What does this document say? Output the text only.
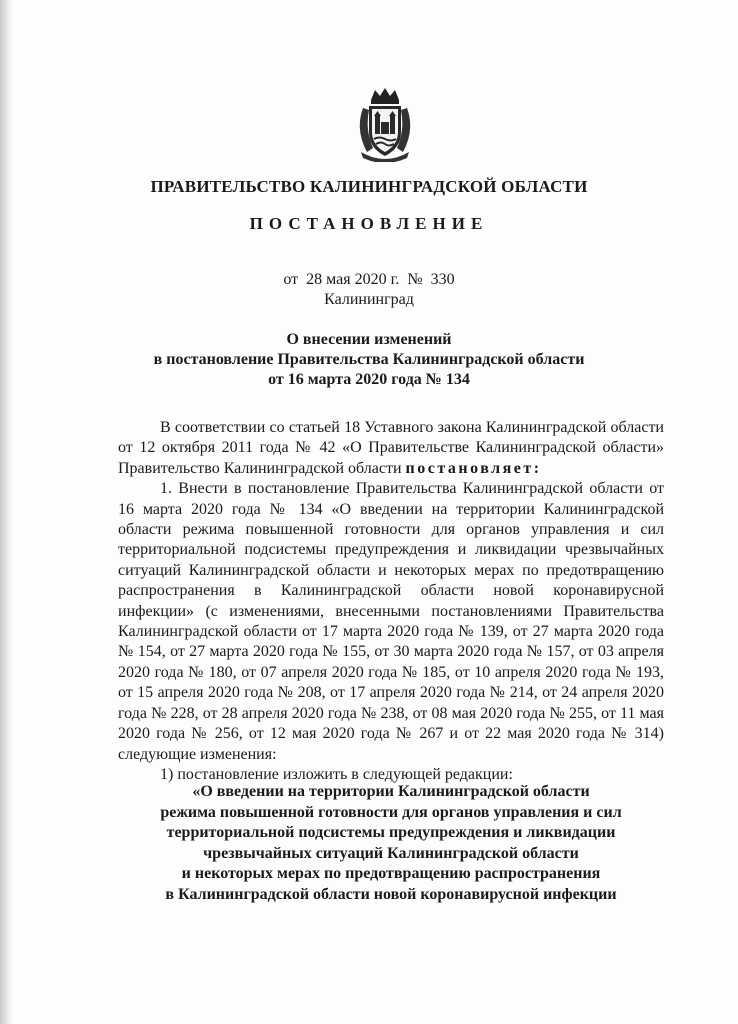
ПРАВИТЕЛЬСТВО КАЛИНИНГРАДСКОЙ ОБЛАСТИ
ПОСТАНОВЛЕНИЕ
от 28 мая 2020 г. № 330
Калининград
О внесении изменений
в постановление Правительства Калининградской области
от 16 марта 2020 года № 134

В соответствии со статьей 18 Уставного закона Калининградской области от 12 октября 2011 года № 42 «О Правительстве Калининградской области» Правительство Калининградской области постановляет:

1. Внести в постановление Правительства Калининградской области от 16 марта 2020 года № 134 «О введении на территории Калининградской области режима повышенной готовности для органов управления и сил территориальной подсистемы предупреждения и ликвидации чрезвычайных ситуаций Калининградской области и некоторых мерах по предотвращению распространения в Калининградской области новой коронавирусной инфекции» (с изменениями, внесенными постановлениями Правительства Калининградской области от 17 марта 2020 года № 139, от 27 марта 2020 года № 154, от 27 марта 2020 года № 155, от 30 марта 2020 года № 157, от 03 апреля 2020 года № 180, от 07 апреля 2020 года № 185, от 10 апреля 2020 года № 193, от 15 апреля 2020 года № 208, от 17 апреля 2020 года № 214, от 24 апреля 2020 года № 228, от 28 апреля 2020 года № 238, от 08 мая 2020 года № 255, от 11 мая 2020 года № 256, от 12 мая 2020 года № 267 и от 22 мая 2020 года № 314) следующие изменения:

1) постановление изложить в следующей редакции:

«О введении на территории Калининградской области
режима повышенной готовности для органов управления и сил
территориальной подсистемы предупреждения и ликвидации
чрезвычайных ситуаций Калининградской области
и некоторых мерах по предотвращению распространения
в Калининградской области новой коронавирусной инфекции
